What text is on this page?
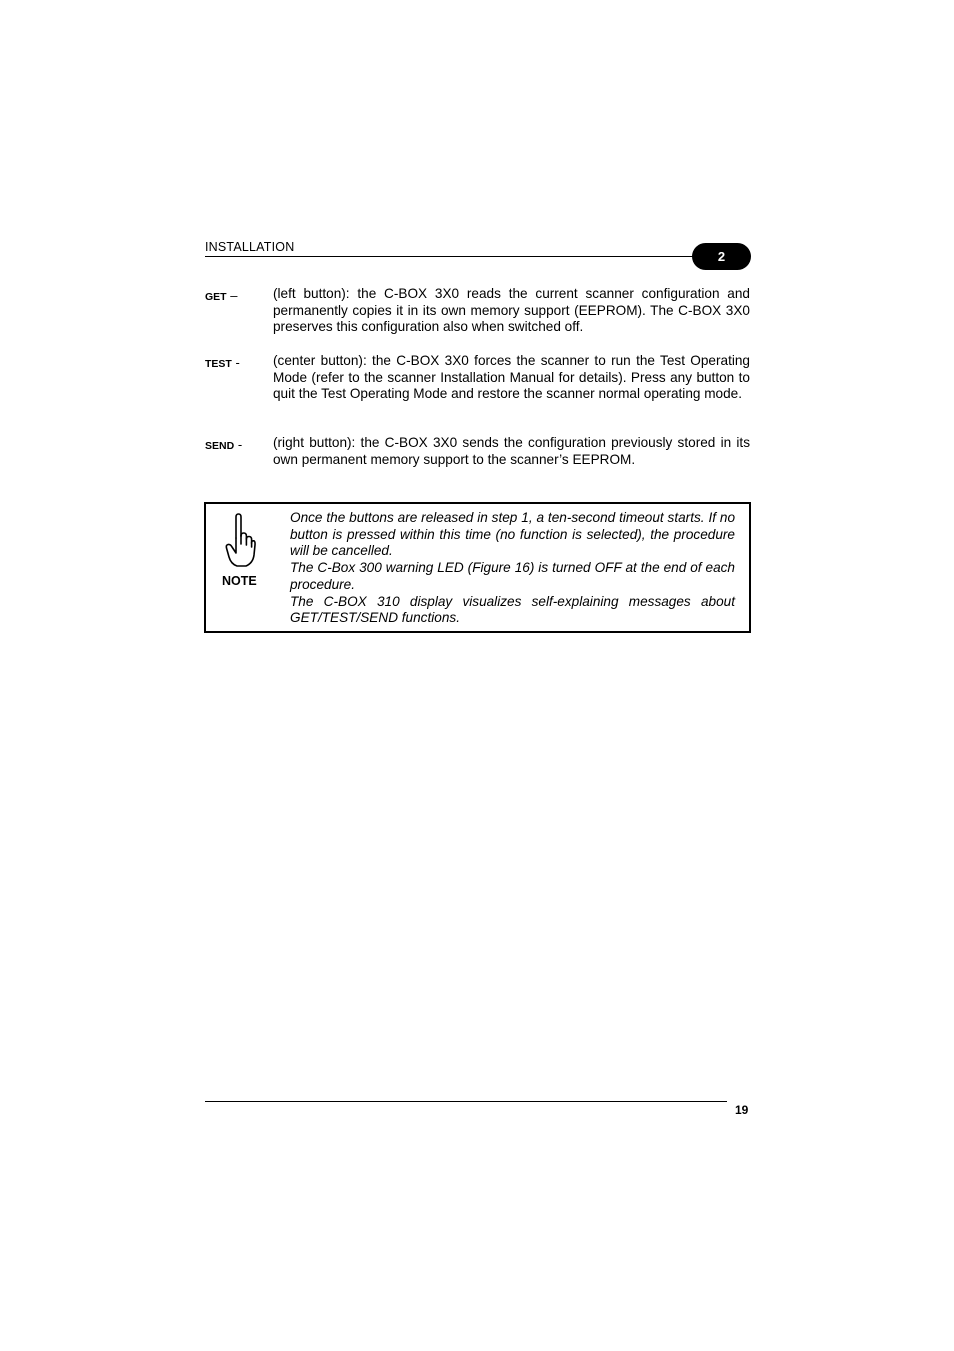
INSTALLATION
2
GET –	(left button): the C-BOX 3X0 reads the current scanner configuration and permanently copies it in its own memory support (EEPROM). The C-BOX 3X0 preserves this configuration also when switched off.
TEST - (center button): the C-BOX 3X0 forces the scanner to run the Test Operating Mode (refer to the scanner Installation Manual for details). Press any button to quit the Test Operating Mode and restore the scanner normal operating mode.
SEND - (right button): the C-BOX 3X0 sends the configuration previously stored in its own permanent memory support to the scanner’s EEPROM.
NOTE

Once the buttons are released in step 1, a ten-second timeout starts. If no button is pressed within this time (no function is selected), the procedure will be cancelled.

The C-Box 300 warning LED (Figure 16) is turned OFF at the end of each procedure.

The C-BOX 310 display visualizes self-explaining messages about GET/TEST/SEND functions.

19
